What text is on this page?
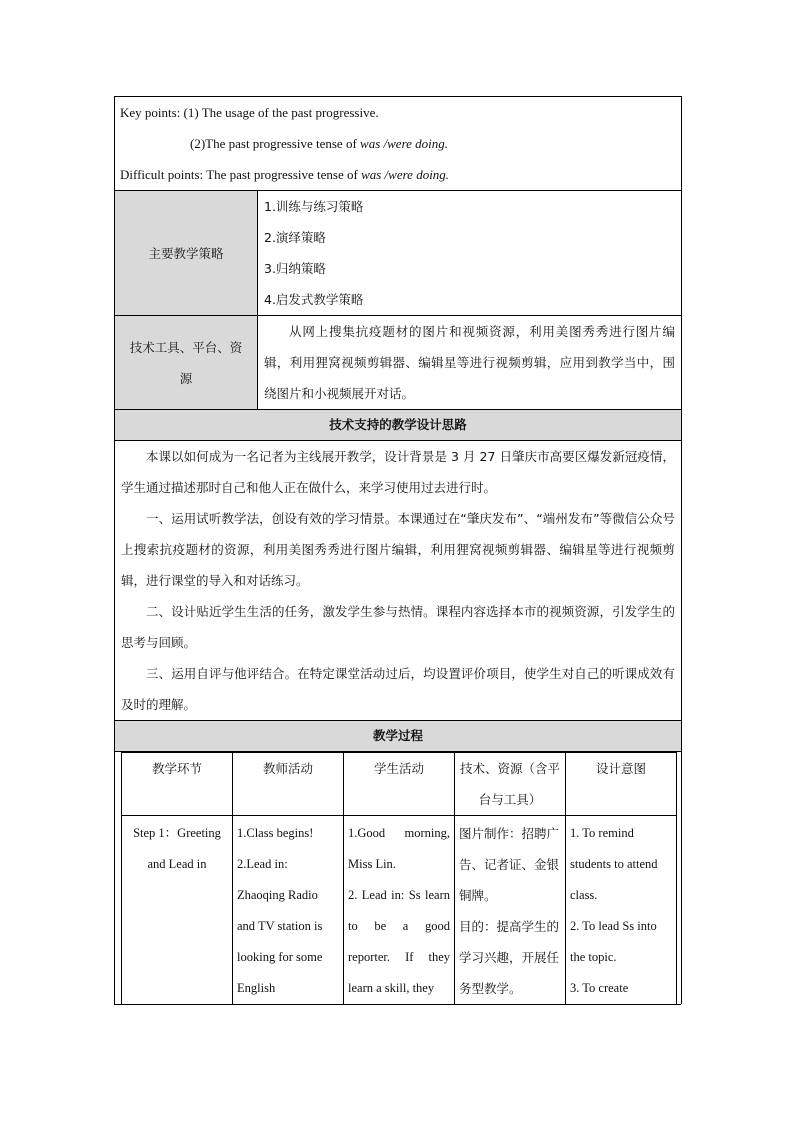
Key points: (1) The usage of the past progressive.
(2)The past progressive tense of was /were doing.
Difficult points: The past progressive tense of was /were doing.

主要教学策略	
1.训练与练习策略
2.演绎策略
3.归纳策略
4.启发式教学策略

技术工具、平台、资源	
从网上搜集抗疫题材的图片和视频资源，利用美图秀秀进行图片编辑，利用狸窝视频剪辑器、编辑星等进行视频剪辑，应用到教学当中，围绕图片和小视频展开对话。

技术支持的教学设计思路

本课以如何成为一名记者为主线展开教学，设计背景是 3 月 27 日肇庆市高要区爆发新冠疫情，学生通过描述那时自己和他人正在做什么，来学习使用过去进行时。
一、运用试听教学法，创设有效的学习情景。本课通过在“肇庆发布”、“端州发布”等微信公众号上搜索抗疫题材的资源，利用美图秀秀进行图片编辑，利用狸窝视频剪辑器、编辑星等进行视频剪辑，进行课堂的导入和对话练习。
二、设计贴近学生生活的任务，激发学生参与热情。课程内容选择本市的视频资源，引发学生的思考与回顾。
三、运用自评与他评结合。在特定课堂活动过后，均设置评价项目，使学生对自己的听课成效有及时的理解。

教学过程

教学环节	教师活动	学生活动	技术、资源（含平台与工具）	设计意图
Step 1：Greeting and Lead in	1.Class begins!
2.Lead in:
Zhaoqing Radio and TV station is looking for some English	1.Good morning, Miss Lin.
2. Lead in: Ss learn to be a good reporter. If they learn a skill, they	图片制作：招聘广告、记者证、金银铜牌。
目的：提高学生的学习兴趣，开展任务型教学。	1. To remind students to attend class.
2. To lead Ss into the topic.
3. To create
